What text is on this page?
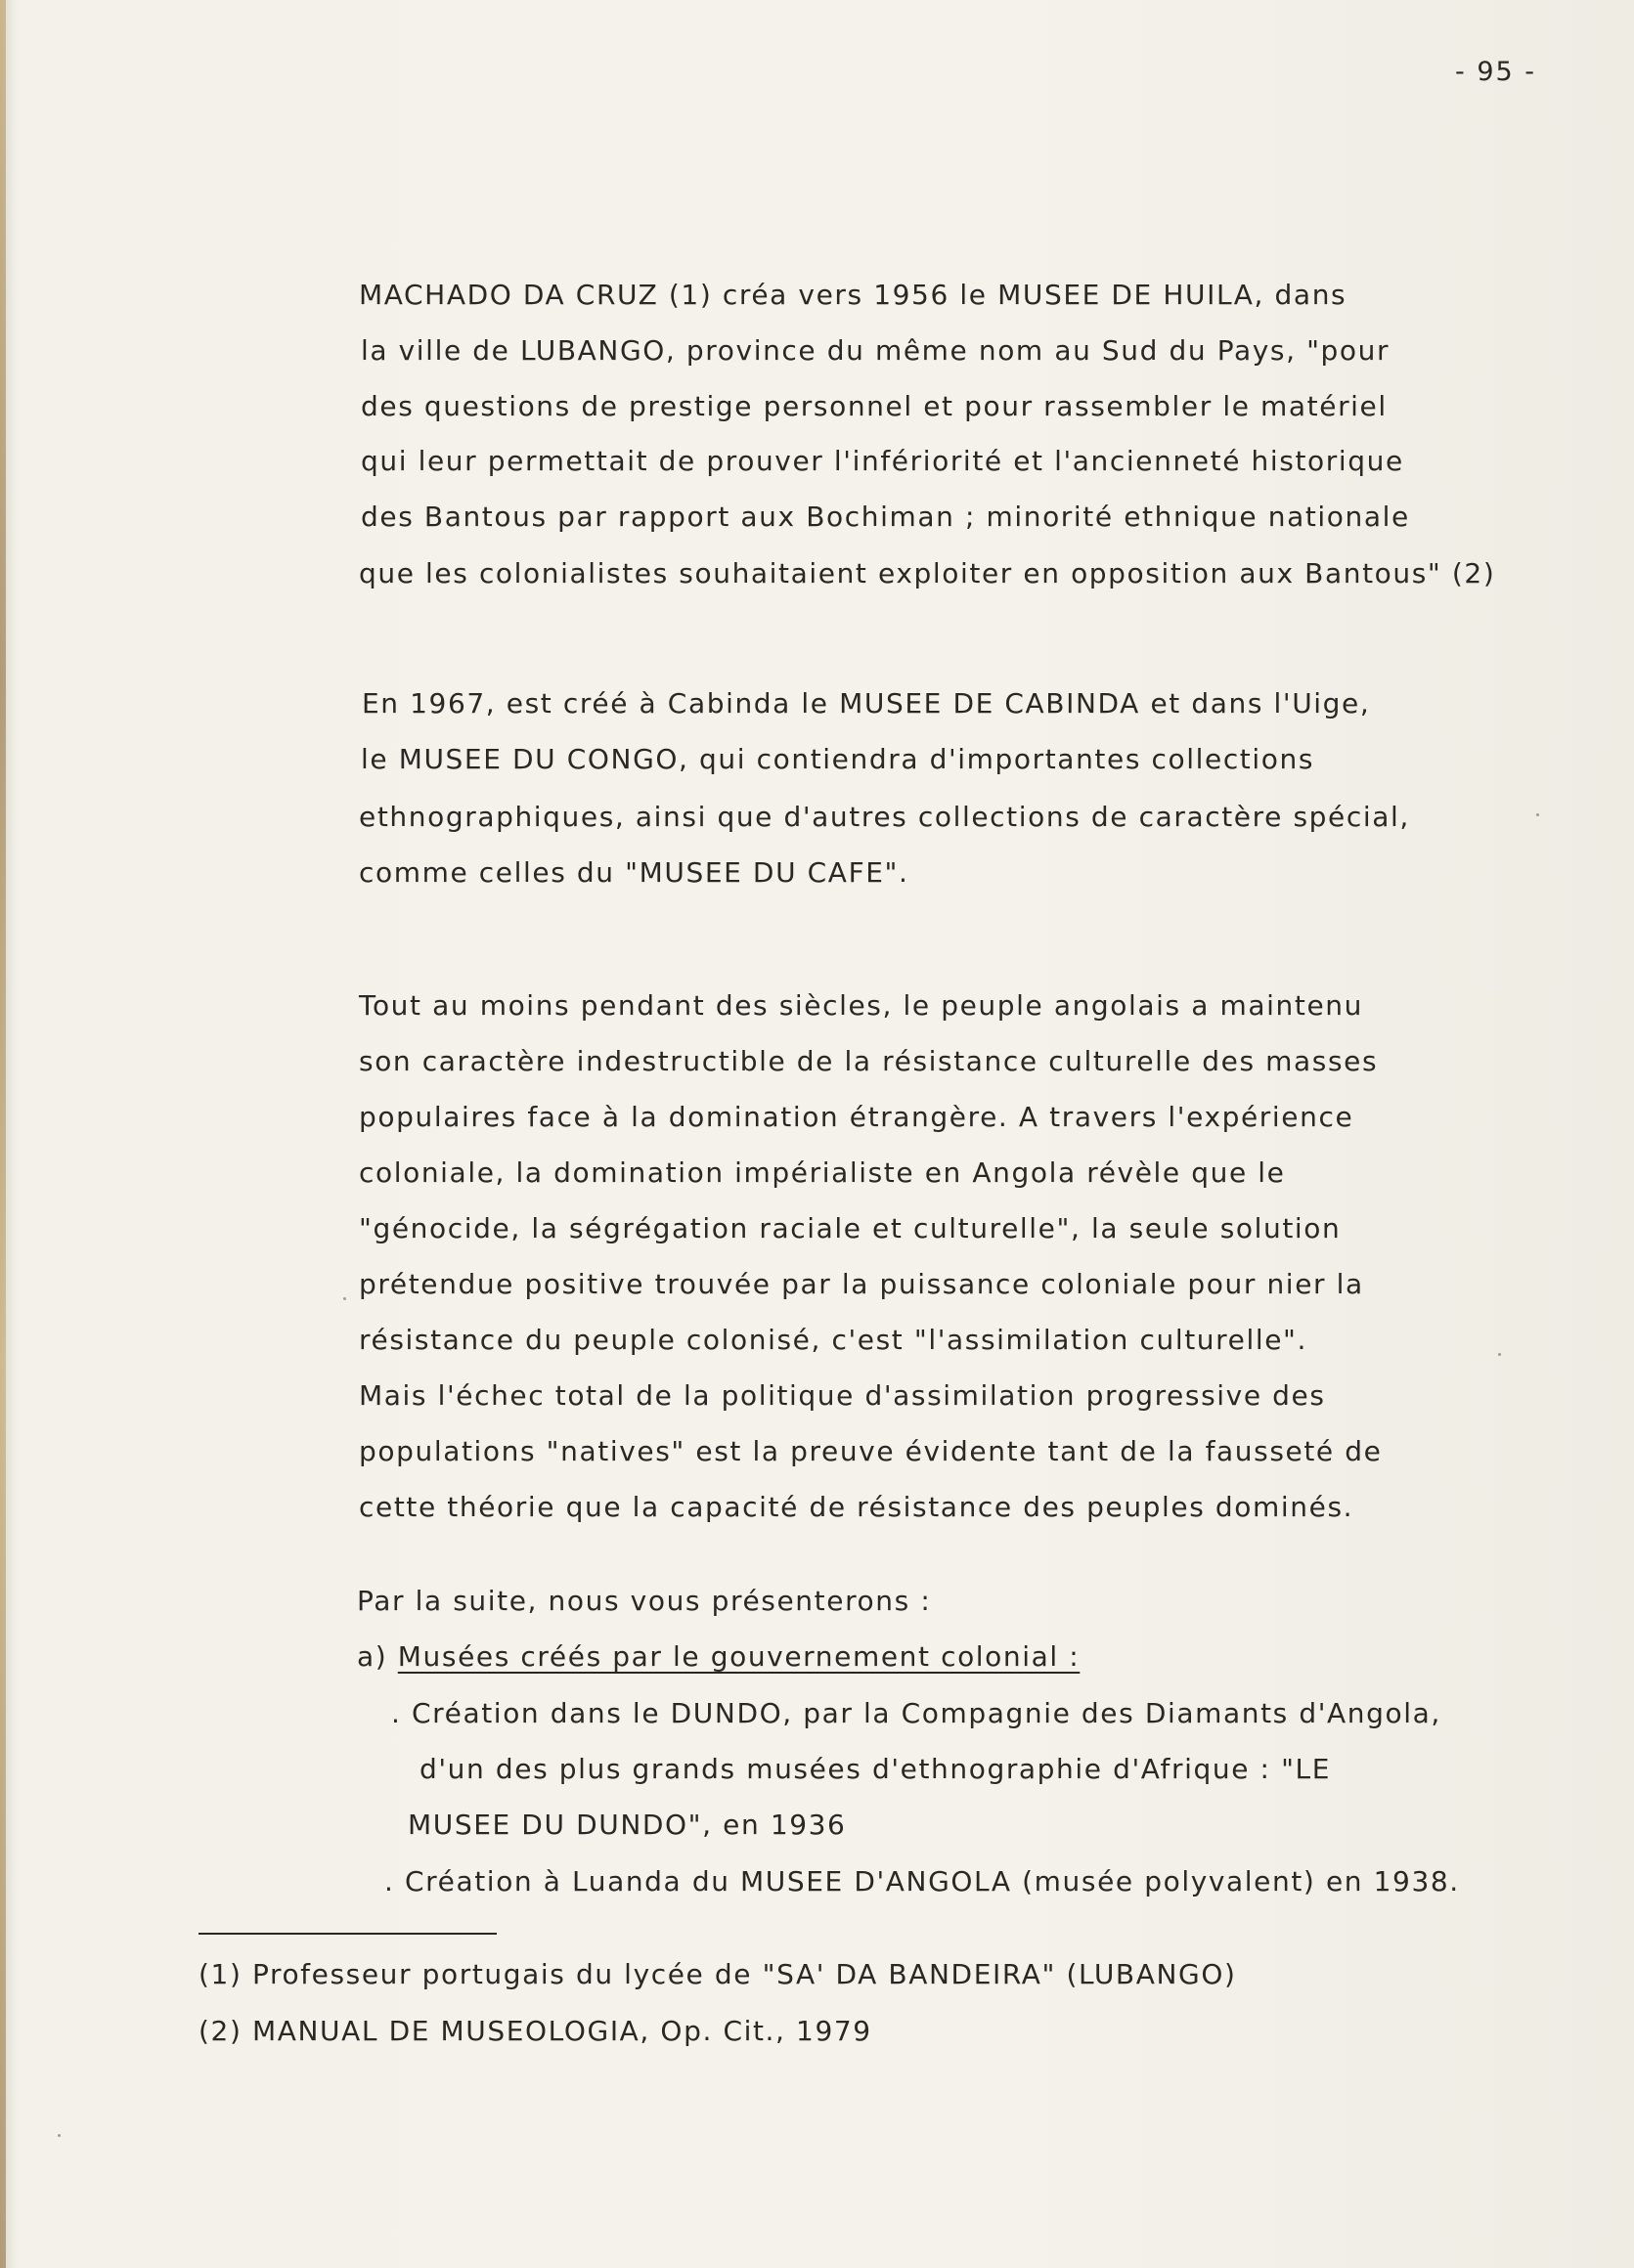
- 95 -
MACHADO DA CRUZ (1) créa vers 1956 le MUSEE DE HUILA, dans
la ville de LUBANGO, province du même nom au Sud du Pays, "pour
des questions de prestige personnel et pour rassembler le matériel
qui leur permettait de prouver l'infériorité et l'ancienneté historique
des Bantous par rapport aux Bochiman ; minorité ethnique nationale
que les colonialistes souhaitaient exploiter en opposition aux Bantous" (2)
En 1967, est créé à Cabinda le MUSEE DE CABINDA et dans l'Uige,
le MUSEE DU CONGO, qui contiendra d'importantes collections
ethnographiques, ainsi que d'autres collections de caractère spécial,
comme celles du "MUSEE DU CAFE".
Tout au moins pendant des siècles, le peuple angolais a maintenu
son caractère indestructible de la résistance culturelle des masses
populaires face à la domination étrangère. A travers l'expérience
coloniale, la domination impérialiste en Angola révèle que le
"génocide, la ségrégation raciale et culturelle", la seule solution
prétendue positive trouvée par la puissance coloniale pour nier la
résistance du peuple colonisé, c'est "l'assimilation culturelle".
Mais l'échec total de la politique d'assimilation progressive des
populations "natives" est la preuve évidente tant de la fausseté de
cette théorie que la capacité de résistance des peuples dominés.
Par la suite, nous vous présenterons :
a) Musées créés par le gouvernement colonial :
. Création dans le DUNDO, par la Compagnie des Diamants d'Angola,
d'un des plus grands musées d'ethnographie d'Afrique : "LE
MUSEE DU DUNDO", en 1936
. Création à Luanda du MUSEE D'ANGOLA (musée polyvalent) en 1938.
(1) Professeur portugais du lycée de "SA' DA BANDEIRA" (LUBANGO)
(2) MANUAL DE MUSEOLOGIA, Op. Cit., 1979
